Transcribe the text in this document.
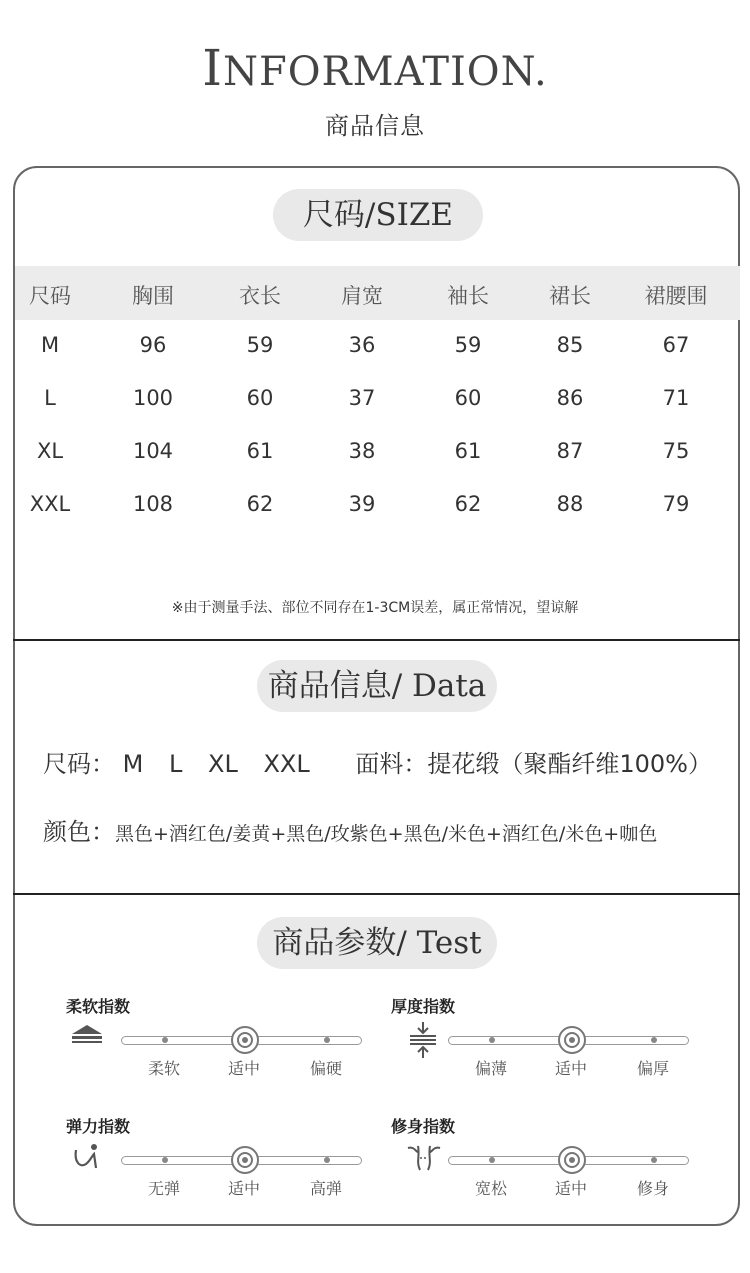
INFORMATION.
商品信息
尺码/SIZE
尺码	胸围	衣长	肩宽	袖长	裙长	裙腰围
M	96	59	36	59	85	67
L	100	60	37	60	86	71
XL	104	61	38	61	87	75
XXL	108	62	39	62	88	79
※由于测量手法、部位不同存在1-3CM误差，属正常情况，望谅解
商品信息/ Data
尺码： M L XL XXL 面料：提花缎（聚酯纤维100%）
颜色：黑色+酒红色/姜黄+黑色/玫紫色+黑色/米色+酒红色/米色+咖色
商品参数/ Test
柔软指数
柔软	适中	偏硬
厚度指数
偏薄	适中	偏厚
弹力指数
无弹	适中	高弹
修身指数
宽松	适中	修身
